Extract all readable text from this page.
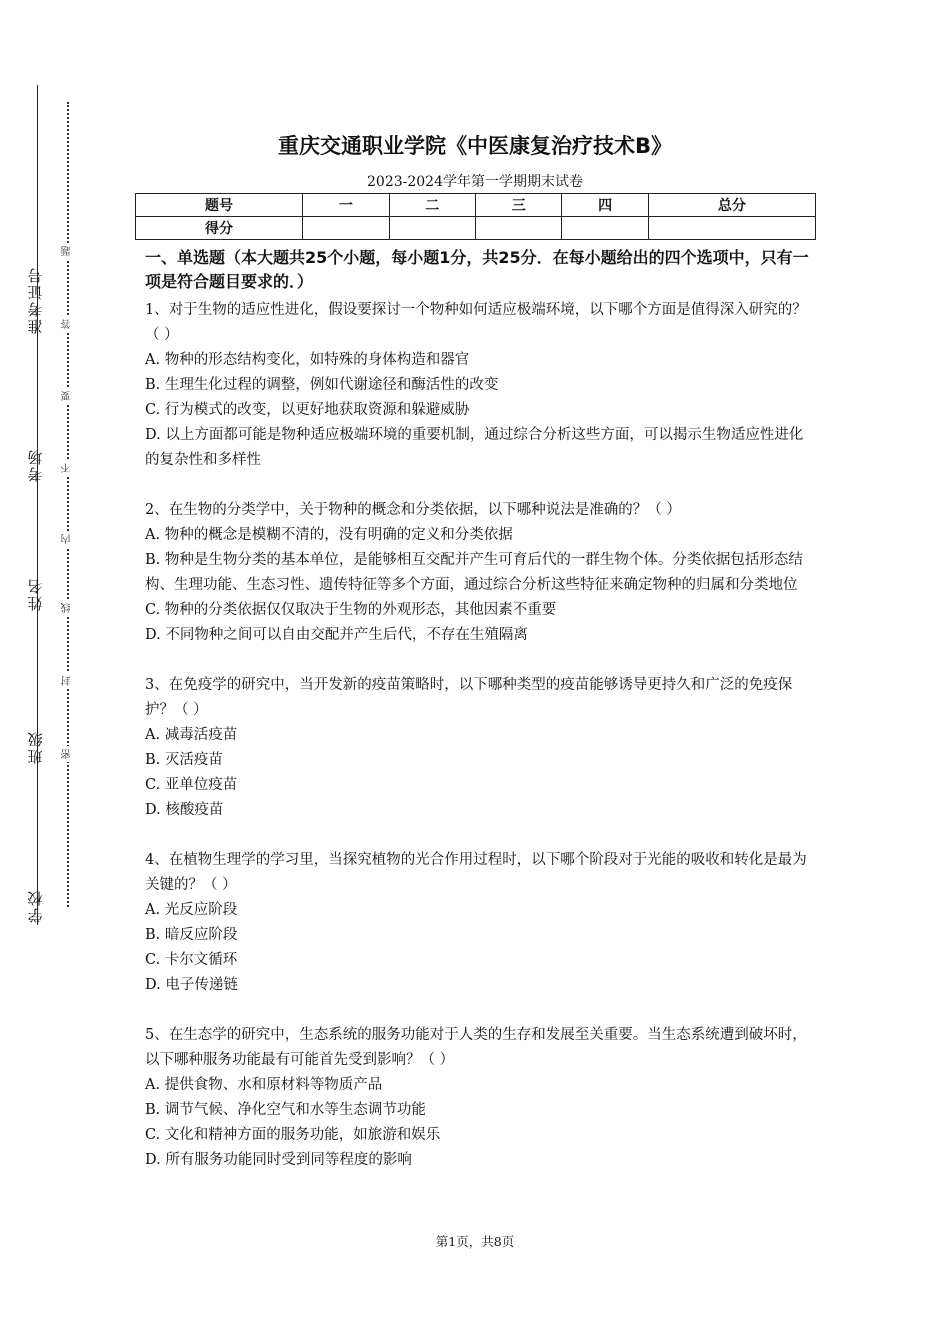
准考证号
考场
姓名
班级
学校
题
答
要
不
内
线
封
密
重庆交通职业学院《中医康复治疗技术B》
2023-2024学年第一学期期末试卷
题号	一	二	三	四	总分
得分					

一、单选题（本大题共25个小题，每小题1分，共25分．在每小题给出的四个选项中，只有一项是符合题目要求的．）

1、对于生物的适应性进化，假设要探讨一个物种如何适应极端环境，以下哪个方面是值得深入研究的？（ ）

A. 物种的形态结构变化，如特殊的身体构造和器官

B. 生理生化过程的调整，例如代谢途径和酶活性的改变

C. 行为模式的改变，以更好地获取资源和躲避威胁

D. 以上方面都可能是物种适应极端环境的重要机制，通过综合分析这些方面，可以揭示生物适应性进化的复杂性和多样性

2、在生物的分类学中，关于物种的概念和分类依据，以下哪种说法是准确的？（ ）

A. 物种的概念是模糊不清的，没有明确的定义和分类依据

B. 物种是生物分类的基本单位，是能够相互交配并产生可育后代的一群生物个体。分类依据包括形态结构、生理功能、生态习性、遗传特征等多个方面，通过综合分析这些特征来确定物种的归属和分类地位

C. 物种的分类依据仅仅取决于生物的外观形态，其他因素不重要

D. 不同物种之间可以自由交配并产生后代，不存在生殖隔离

3、在免疫学的研究中，当开发新的疫苗策略时，以下哪种类型的疫苗能够诱导更持久和广泛的免疫保护？（ ）

A. 减毒活疫苗

B. 灭活疫苗

C. 亚单位疫苗

D. 核酸疫苗

4、在植物生理学的学习里，当探究植物的光合作用过程时，以下哪个阶段对于光能的吸收和转化是最为关键的？（ ）

A. 光反应阶段

B. 暗反应阶段

C. 卡尔文循环

D. 电子传递链

5、在生态学的研究中，生态系统的服务功能对于人类的生存和发展至关重要。当生态系统遭到破坏时，以下哪种服务功能最有可能首先受到影响？（ ）

A. 提供食物、水和原材料等物质产品

B. 调节气候、净化空气和水等生态调节功能

C. 文化和精神方面的服务功能，如旅游和娱乐

D. 所有服务功能同时受到同等程度的影响

第1页，共8页
